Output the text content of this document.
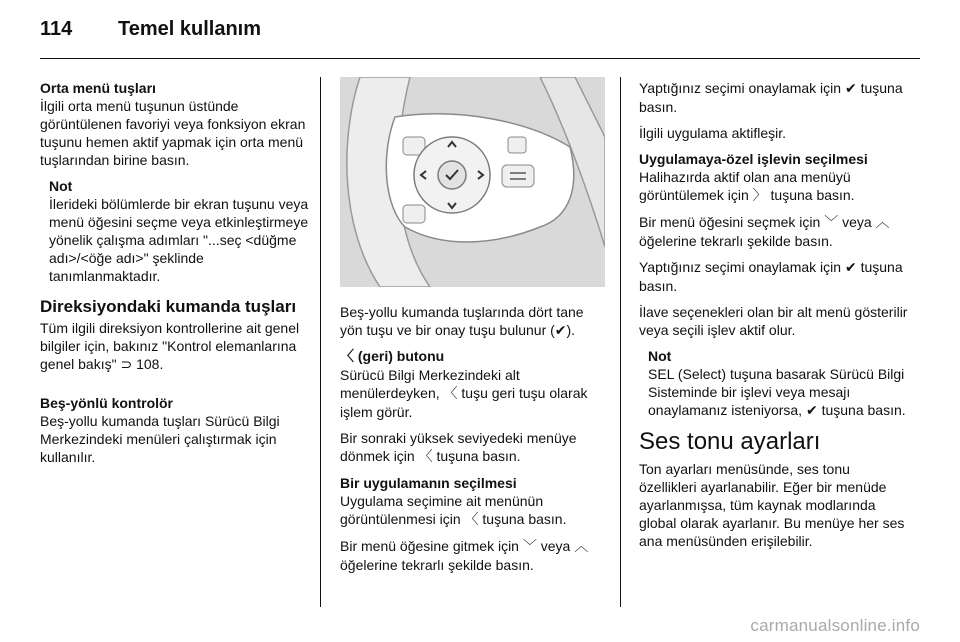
114 Temel kullanım

Orta menü tuşları

İlgili orta menü tuşunun üstünde görüntülenen favoriyi veya fonksiyon ekran tuşunu hemen aktif yapmak için orta menü tuşlarından birine basın.

Not

İlerideki bölümlerde bir ekran tuşunu veya menü öğesini seçme veya etkinleştirmeye yönelik çalışma adımları "...seç <düğme adı>/<öğe adı>" şeklinde tanımlanmaktadır.

Direksiyondaki kumanda tuşları

Tüm ilgili direksiyon kontrollerine ait genel bilgiler için, bakınız "Kontrol elemanlarına genel bakış" ⊃ 108.

Beş-yönlü kontrolör

Beş-yollu kumanda tuşları Sürücü Bilgi Merkezindeki menüleri çalıştırmak için kullanılır.

Beş-yollu kumanda tuşlarında dört tane yön tuşu ve bir onay tuşu bulunur (✔).

〈 (geri) butonu

Sürücü Bilgi Merkezindeki alt menülerdeyken, 〈 tuşu geri tuşu olarak işlem görür.

Bir sonraki yüksek seviyedeki menüye dönmek için 〈 tuşuna basın.

Bir uygulamanın seçilmesi

Uygulama seçimine ait menünün görüntülenmesi için 〈 tuşuna basın.

Bir menü öğesine gitmek için ﹀ veya ︿ öğelerine tekrarlı şekilde basın.

Yaptığınız seçimi onaylamak için ✔ tuşuna basın.

İlgili uygulama aktifleşir.

Uygulamaya-özel işlevin seçilmesi

Halihazırda aktif olan ana menüyü görüntülemek için 〉 tuşuna basın.

Bir menü öğesini seçmek için ﹀ veya ︿ öğelerine tekrarlı şekilde basın.

Yaptığınız seçimi onaylamak için ✔ tuşuna basın.

İlave seçenekleri olan bir alt menü gösterilir veya seçili işlev aktif olur.

Not

SEL (Select) tuşuna basarak Sürücü Bilgi Sisteminde bir işlevi veya mesajı onaylamanız isteniyorsa, ✔ tuşuna basın.

Ses tonu ayarları

Ton ayarları menüsünde, ses tonu özellikleri ayarlanabilir. Eğer bir menüde ayarlanmışsa, tüm kaynak modlarında global olarak ayarlanır. Bu menüye her ses ana menüsünden erişilebilir.

carmanualsonline.info
